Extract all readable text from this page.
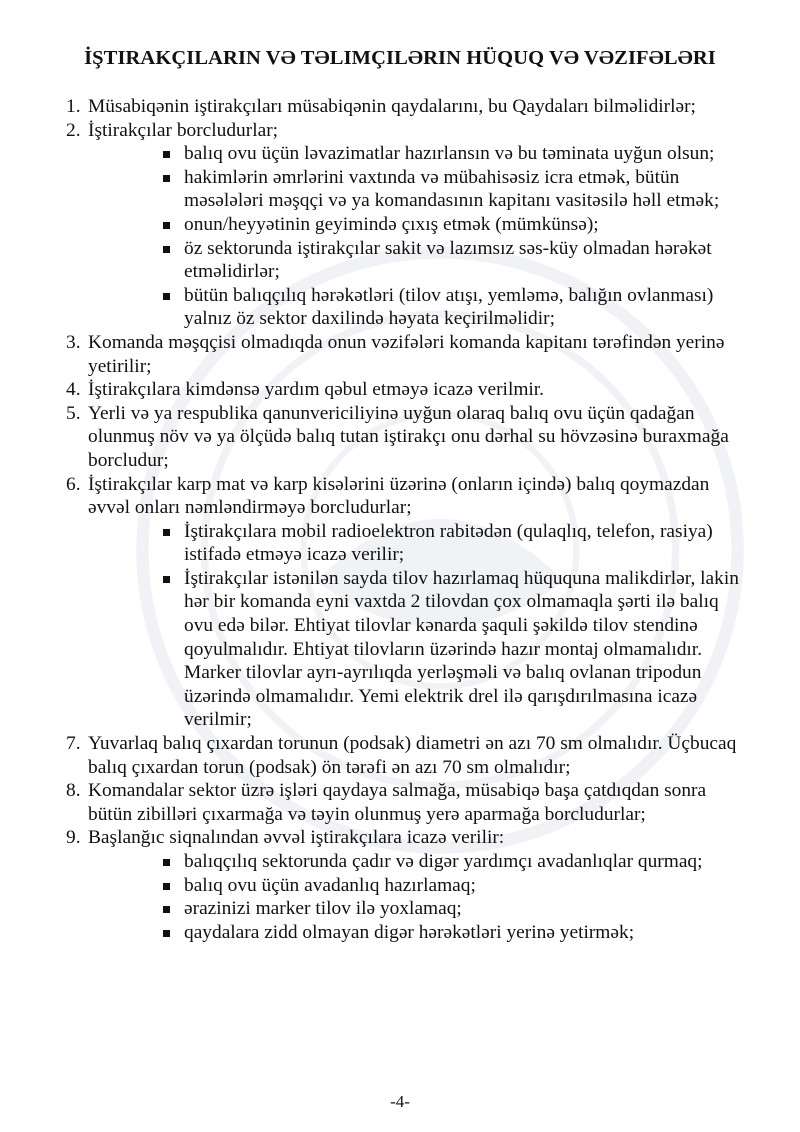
İŞTIRAKÇILARIN VƏ TƏLIMÇILƏRIN HÜQUQ VƏ VƏZIFƏLƏRI
1. Müsabiqənin iştirakçıları müsabiqənin qaydalarını, bu Qaydaları bilməlidirlər;
2. İştirakçılar borcludurlar;
balıq ovu üçün ləvazimatlar hazırlansın və bu təminata uyğun olsun;
hakimlərin əmrlərini vaxtında və mübahisəsiz icra etmək, bütün məsələləri məşqçi və ya komandasının kapitanı vasitəsilə həll etmək;
onun/heyyətinin geyimində çıxış etmək (mümkünsə);
öz sektorunda iştirakçılar sakit və lazımsız səs-küy olmadan hərəkət etməlidirlər;
bütün balıqçılıq hərəkətləri (tilov atışı, yemləmə, balığın ovlanması) yalnız öz sektor daxilində həyata keçirilməlidir;
3. Komanda məşqçisi olmadıqda onun vəzifələri komanda kapitanı tərəfindən yerinə yetirilir;
4. İştirakçılara kimdənsə yardım qəbul etməyə icazə verilmir.
5. Yerli və ya respublika qanunvericiliyinə uyğun olaraq balıq ovu üçün qadağan olunmuş növ və ya ölçüdə balıq tutan iştirakçı onu dərhal su hövzəsinə buraxmağa borcludur;
6. İştirakçılar karp mat və karp kisələrini üzərinə (onların içində) balıq qoymazdan əvvəl onları nəmləndirməyə borcludurlar;
İştirakçılara mobil radioelektron rabitədən (qulaqlıq, telefon, rasiya) istifadə etməyə icazə verilir;
İştirakçılar istənilən sayda tilov hazırlamaq hüququna malikdirlər, lakin hər bir komanda eyni vaxtda 2 tilovdan çox olmamaqla şərti ilə balıq ovu edə bilər. Ehtiyat tilovlar kənarda şaquli şəkildə tilov stendinə qoyulmalıdır. Ehtiyat tilovların üzərində hazır montaj olmamalıdır. Marker tilovlar ayrı-ayrılıqda yerləşməli və balıq ovlanan tripodun üzərində olmamalıdır. Yemi elektrik drel ilə qarışdırılmasına icazə verilmir;
7. Yuvarlaq balıq çıxardan torunun (podsak) diametri ən azı 70 sm olmalıdır. Üçbucaq balıq çıxardan torun (podsak) ön tərəfi ən azı 70 sm olmalıdır;
8. Komandalar sektor üzrə işləri qaydaya salmağa, müsabiqə başa çatdıqdan sonra bütün zibilləri çıxarmağa və təyin olunmuş yerə aparmağa borcludurlar;
9. Başlanğıc siqnalından əvvəl iştirakçılara icazə verilir:
balıqçılıq sektorunda çadır və digər yardımçı avadanlıqlar qurmaq;
balıq ovu üçün avadanlıq hazırlamaq;
ərazinizi marker tilov ilə yoxlamaq;
qaydalara zidd olmayan digər hərəkətləri yerinə yetirmək;
-4-
